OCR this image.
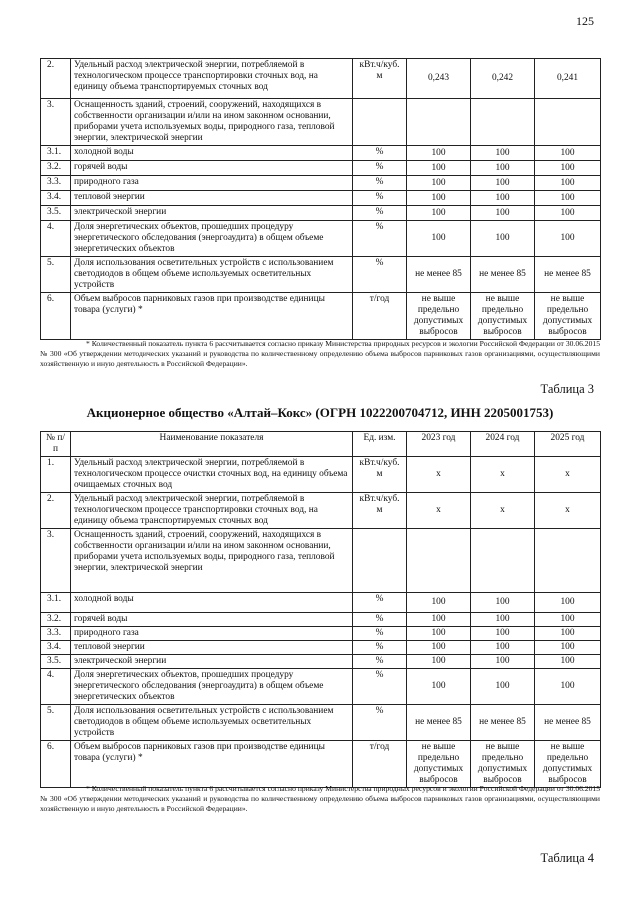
125
2.	Удельный расход электрической энергии, потребляемой в технологическом процессе транспортировки сточных вод, на единицу объема транспортируемых сточных вод	кВт.ч/куб. м	0,243	0,242	0,241
3.	Оснащенность зданий, строений, сооружений, находящихся в собственности организации и/или на ином законном основании, приборами учета используемых воды, природного газа, тепловой энергии, электрической энергии				
3.1.	холодной воды	%	100	100	100
3.2.	горячей воды	%	100	100	100
3.3.	природного газа	%	100	100	100
3.4.	тепловой энергии	%	100	100	100
3.5.	электрической энергии	%	100	100	100
4.	Доля энергетических объектов, прошедших процедуру энергетического обследования (энергоаудита) в общем объеме энергетических объектов	%	100	100	100
5.	Доля использования осветительных устройств с использованием светодиодов в общем объеме используемых осветительных устройств	%	не менее 85	не менее 85	не менее 85
6.	Объем выбросов парниковых газов при производстве единицы товара (услуги) *	т/год	не выше предельно допустимых выбросов	не выше предельно допустимых выбросов	не выше предельно допустимых выбросов
* Количественный показатель пункта 6 рассчитывается согласно приказу Министерства природных ресурсов и экологии Российской Федерации от 30.06.2015 № 300 «Об утверждении методических указаний и руководства по количественному определению объема выбросов парниковых газов организациями, осуществляющими хозяйственную и иную деятельность в Российской Федерации».
Таблица 3
Акционерное общество «Алтай–Кокс» (ОГРН 1022200704712, ИНН 2205001753)
№ п/п	Наименование показателя	Ед. изм.	2023 год	2024 год	2025 год
1.	Удельный расход электрической энергии, потребляемой в технологическом процессе очистки сточных вод, на единицу объема очищаемых сточных вод	кВт.ч/куб. м	х	х	х
2.	Удельный расход электрической энергии, потребляемой в технологическом процессе транспортировки сточных вод, на единицу объема транспортируемых сточных вод	кВт.ч/куб. м	х	х	х
3.	Оснащенность зданий, строений, сооружений, находящихся в собственности организации и/или на ином законном основании, приборами учета используемых воды, природного газа, тепловой энергии, электрической энергии				
3.1.	холодной воды	%	100	100	100
3.2.	горячей воды	%	100	100	100
3.3.	природного газа	%	100	100	100
3.4.	тепловой энергии	%	100	100	100
3.5.	электрической энергии	%	100	100	100
4.	Доля энергетических объектов, прошедших процедуру энергетического обследования (энергоаудита) в общем объеме энергетических объектов	%	100	100	100
5.	Доля использования осветительных устройств с использованием светодиодов в общем объеме используемых осветительных устройств	%	не менее 85	не менее 85	не менее 85
6.	Объем выбросов парниковых газов при производстве единицы товара (услуги) *	т/год	не выше предельно допустимых выбросов	не выше предельно допустимых выбросов	не выше предельно допустимых выбросов
* Количественный показатель пункта 6 рассчитывается согласно приказу Министерства природных ресурсов и экологии Российской Федерации от 30.06.2015 № 300 «Об утверждении методических указаний и руководства по количественному определению объема выбросов парниковых газов организациями, осуществляющими хозяйственную и иную деятельность в Российской Федерации».
Таблица 4
